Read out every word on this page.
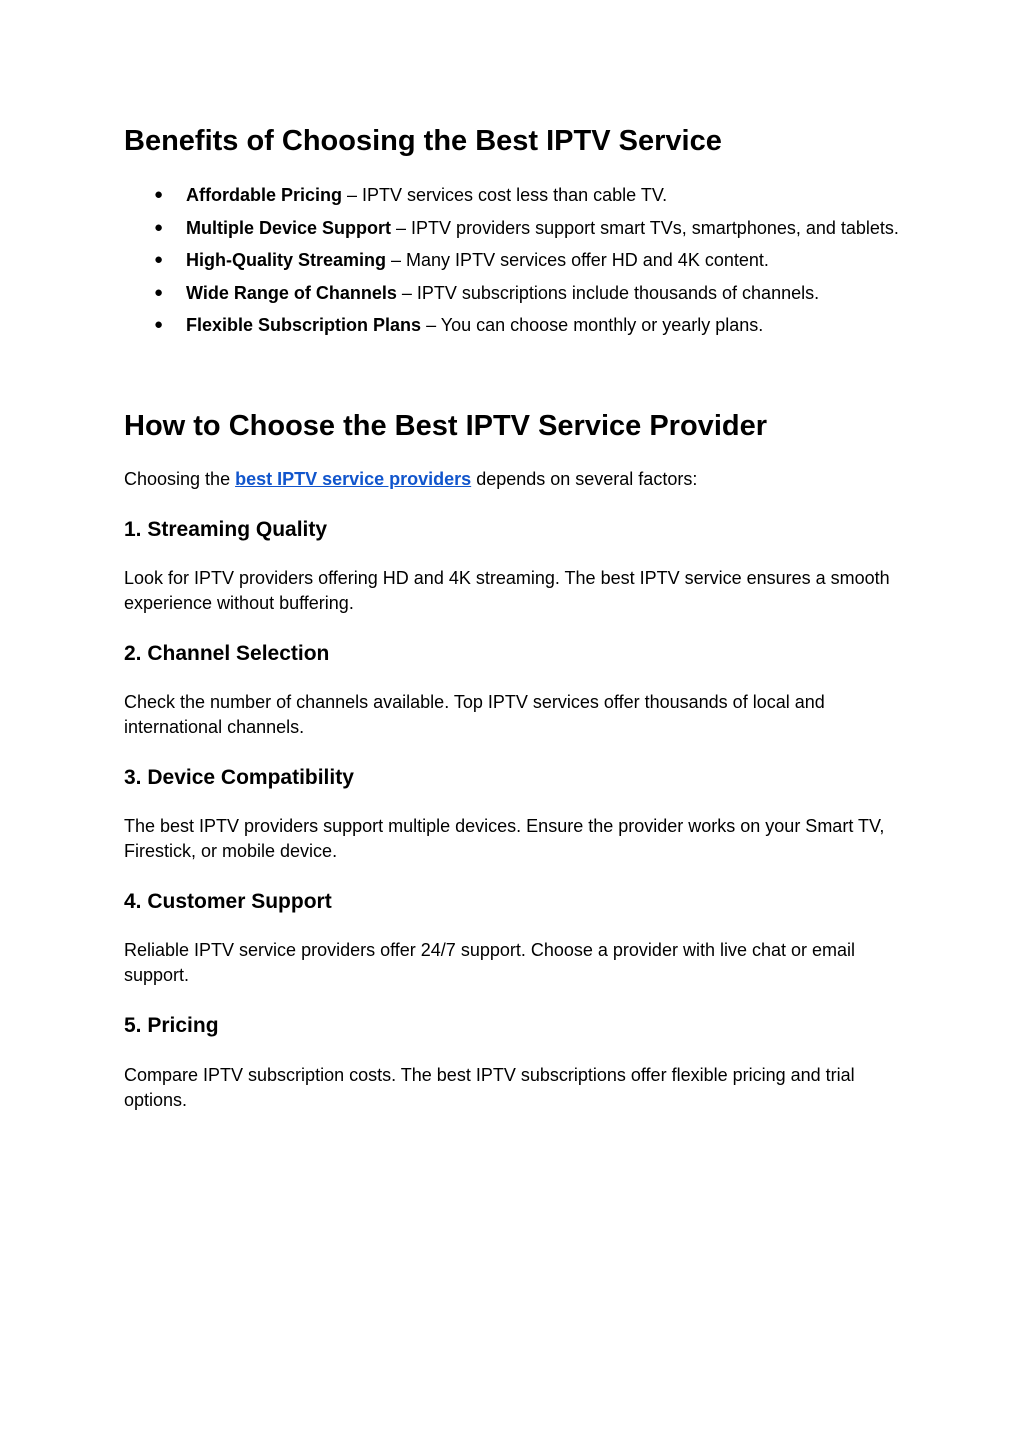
Benefits of Choosing the Best IPTV Service
● Affordable Pricing – IPTV services cost less than cable TV.
● Multiple Device Support – IPTV providers support smart TVs, smartphones, and tablets.
● High-Quality Streaming – Many IPTV services offer HD and 4K content.
● Wide Range of Channels – IPTV subscriptions include thousands of channels.
● Flexible Subscription Plans – You can choose monthly or yearly plans.
How to Choose the Best IPTV Service Provider

Choosing the best IPTV service providers depends on several factors:

1. Streaming Quality

Look for IPTV providers offering HD and 4K streaming. The best IPTV service ensures a smooth experience without buffering.

2. Channel Selection

Check the number of channels available. Top IPTV services offer thousands of local and international channels.

3. Device Compatibility

The best IPTV providers support multiple devices. Ensure the provider works on your Smart TV, Firestick, or mobile device.

4. Customer Support

Reliable IPTV service providers offer 24/7 support. Choose a provider with live chat or email support.

5. Pricing

Compare IPTV subscription costs. The best IPTV subscriptions offer flexible pricing and trial options.
